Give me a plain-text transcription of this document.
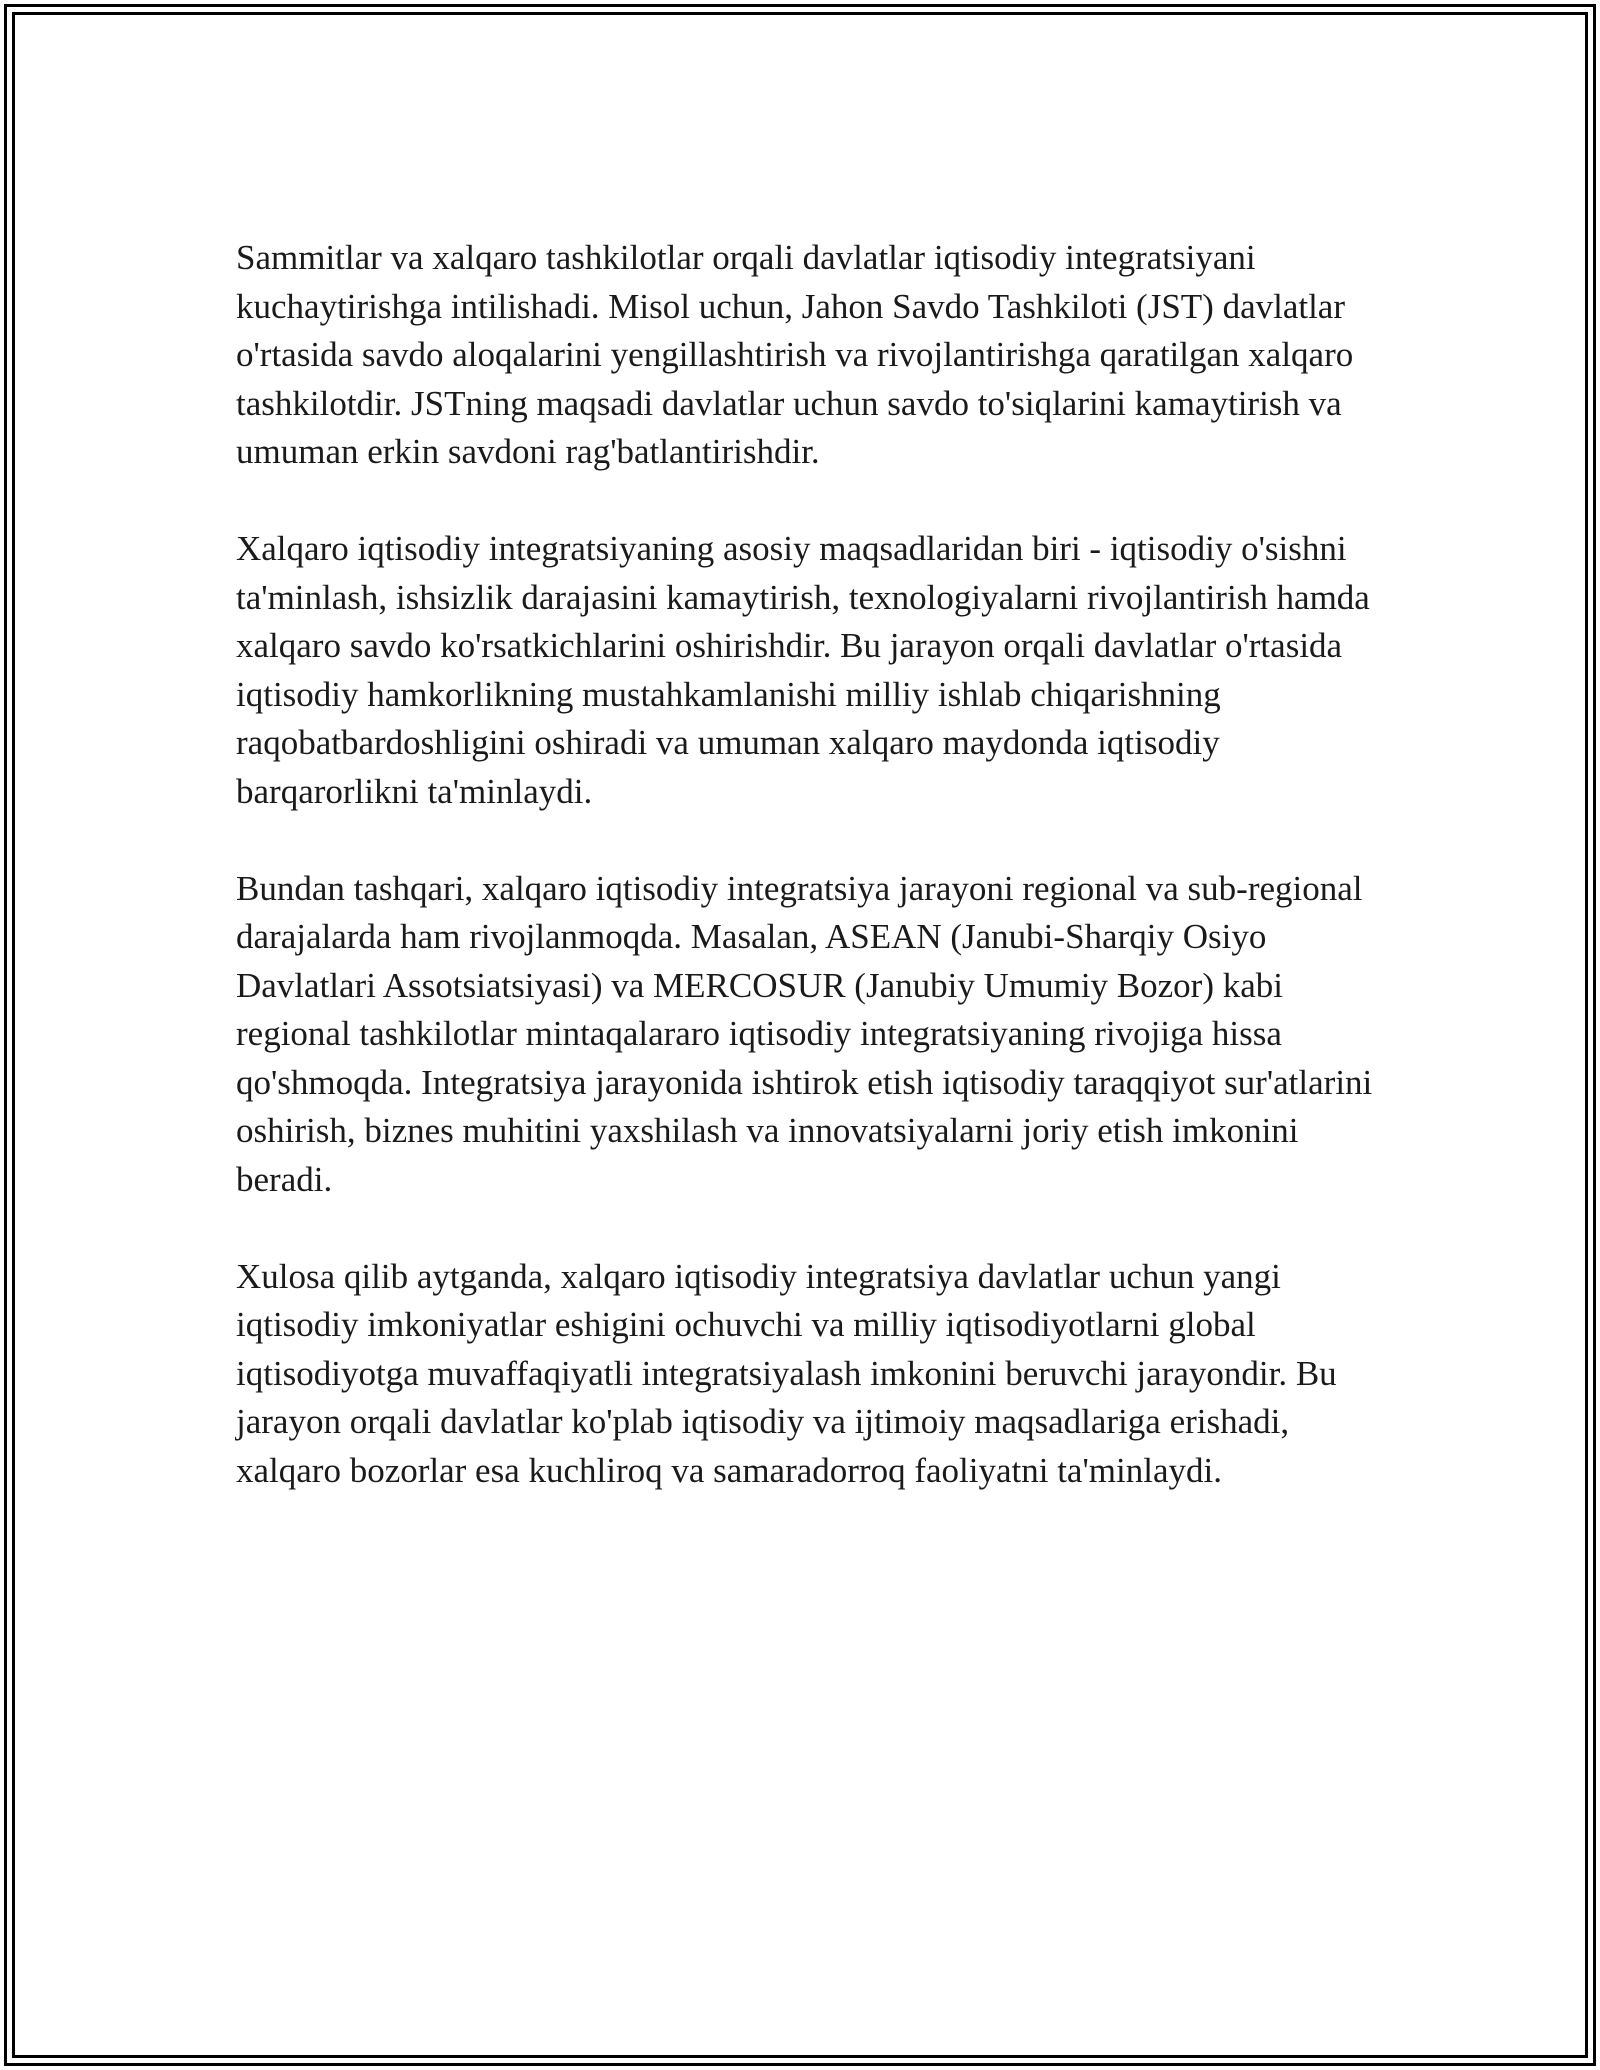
Sammitlar va xalqaro tashkilotlar orqali davlatlar iqtisodiy integratsiyani kuchaytirishga intilishadi. Misol uchun, Jahon Savdo Tashkiloti (JST) davlatlar o'rtasida savdo aloqalarini yengillashtirish va rivojlantirishga qaratilgan xalqaro tashkilotdir. JSTning maqsadi davlatlar uchun savdo to'siqlarini kamaytirish va umuman erkin savdoni rag'batlantirishdir.

Xalqaro iqtisodiy integratsiyaning asosiy maqsadlaridan biri - iqtisodiy o'sishni ta'minlash, ishsizlik darajasini kamaytirish, texnologiyalarni rivojlantirish hamda xalqaro savdo ko'rsatkichlarini oshirishdir. Bu jarayon orqali davlatlar o'rtasida iqtisodiy hamkorlikning mustahkamlanishi milliy ishlab chiqarishning raqobatbardoshligini oshiradi va umuman xalqaro maydonda iqtisodiy barqarorlikni ta'minlaydi.

Bundan tashqari, xalqaro iqtisodiy integratsiya jarayoni regional va sub-regional darajalarda ham rivojlanmoqda. Masalan, ASEAN (Janubi-Sharqiy Osiyo Davlatlari Assotsiatsiyasi) va MERCOSUR (Janubiy Umumiy Bozor) kabi regional tashkilotlar mintaqalararo iqtisodiy integratsiyaning rivojiga hissa qo'shmoqda. Integratsiya jarayonida ishtirok etish iqtisodiy taraqqiyot sur'atlarini oshirish, biznes muhitini yaxshilash va innovatsiyalarni joriy etish imkonini beradi.

Xulosa qilib aytganda, xalqaro iqtisodiy integratsiya davlatlar uchun yangi iqtisodiy imkoniyatlar eshigini ochuvchi va milliy iqtisodiyotlarni global iqtisodiyotga muvaffaqiyatli integratsiyalash imkonini beruvchi jarayondir. Bu jarayon orqali davlatlar ko'plab iqtisodiy va ijtimoiy maqsadlariga erishadi, xalqaro bozorlar esa kuchliroq va samaradorroq faoliyatni ta'minlaydi.
